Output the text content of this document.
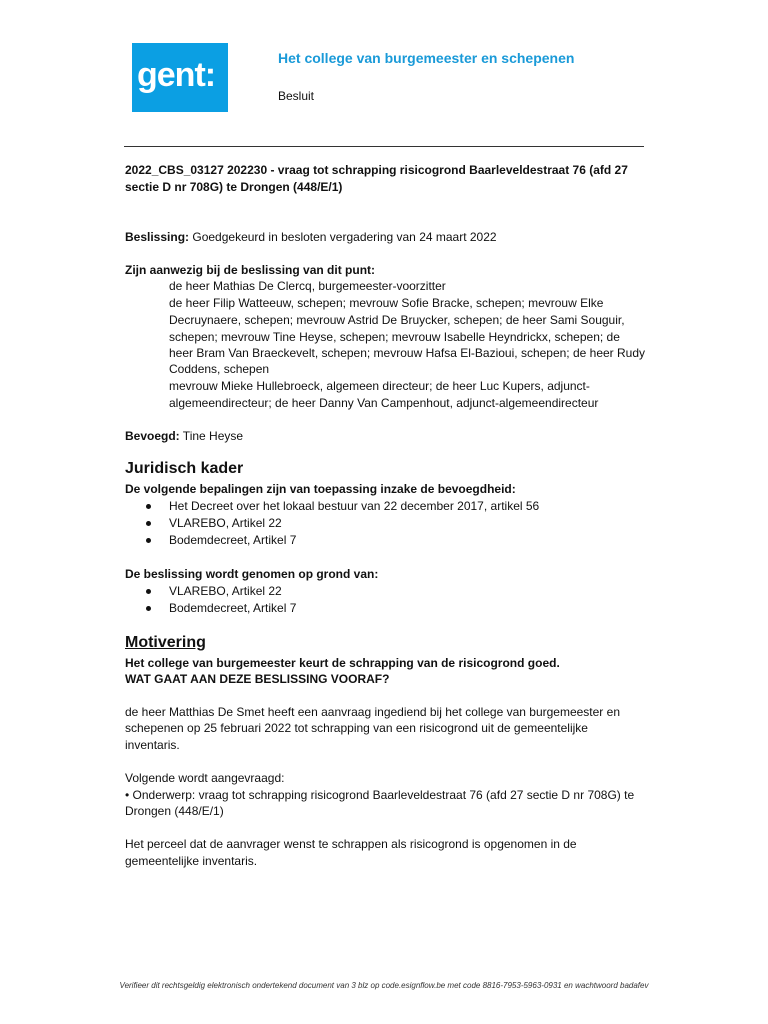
gent:	Het college van burgemeester en schepenen
Besluit
2022_CBS_03127 202230 - vraag tot schrapping risicogrond Baarleveldestraat 76 (afd 27
sectie D nr 708G) te Drongen (448/E/1)
Beslissing: Goedgekeurd in besloten vergadering van 24 maart 2022
Zijn aanwezig bij de beslissing van dit punt:
de heer Mathias De Clercq, burgemeester-voorzitter
de heer Filip Watteeuw, schepen; mevrouw Sofie Bracke, schepen; mevrouw Elke
Decruynaere, schepen; mevrouw Astrid De Bruycker, schepen; de heer Sami Souguir,
schepen; mevrouw Tine Heyse, schepen; mevrouw Isabelle Heyndrickx, schepen; de
heer Bram Van Braeckevelt, schepen; mevrouw Hafsa El-Bazioui, schepen; de heer Rudy
Coddens, schepen
mevrouw Mieke Hullebroeck, algemeen directeur; de heer Luc Kupers, adjunct-
algemeendirecteur; de heer Danny Van Campenhout, adjunct-algemeendirecteur
Bevoegd: Tine Heyse
Juridisch kader
De volgende bepalingen zijn van toepassing inzake de bevoegdheid:
Het Decreet over het lokaal bestuur van 22 december 2017, artikel 56
VLAREBO, Artikel 22
Bodemdecreet, Artikel 7
De beslissing wordt genomen op grond van:
VLAREBO, Artikel 22
Bodemdecreet, Artikel 7
Motivering
Het college van burgemeester keurt de schrapping van de risicogrond goed.
WAT GAAT AAN DEZE BESLISSING VOORAF?
de heer Matthias De Smet heeft een aanvraag ingediend bij het college van burgemeester en
schepenen op 25 februari 2022 tot schrapping van een risicogrond uit de gemeentelijke
inventaris.
Volgende wordt aangevraagd:
• Onderwerp: vraag tot schrapping risicogrond Baarleveldestraat 76 (afd 27 sectie D nr 708G) te
Drongen (448/E/1)
Het perceel dat de aanvrager wenst te schrappen als risicogrond is opgenomen in de
gemeentelijke inventaris.
Verifieer dit rechtsgeldig elektronisch ondertekend document van 3 blz op code.esignflow.be met code 8816-7953-5963-0931 en wachtwoord badafev
